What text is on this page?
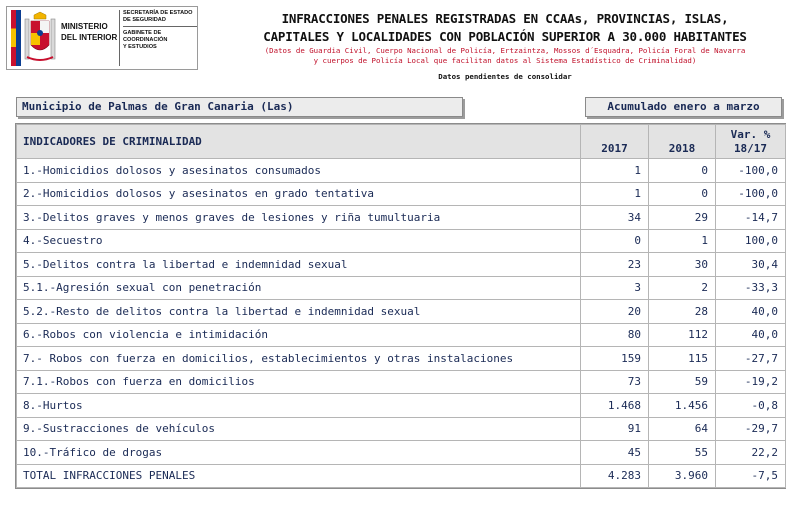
MINISTERIO
DEL INTERIOR
SECRETARÍA DE ESTADO
DE SEGURIDAD
GABINETE DE COORDINACIÓN
Y ESTUDIOS
INFRACCIONES PENALES REGISTRADAS EN CCAAs, PROVINCIAS, ISLAS,
CAPITALES Y LOCALIDADES CON POBLACIÓN SUPERIOR A 30.000 HABITANTES
(Datos de Guardia Civil, Cuerpo Nacional de Policía, Ertzaintza, Mossos d´Esquadra, Policía Foral de Navarra
y cuerpos de Policía Local que facilitan datos al Sistema Estadístico de Criminalidad)
Datos pendientes de consolidar
Municipio de Palmas de Gran Canaria (Las)	Acumulado enero a marzo
INDICADORES DE CRIMINALIDAD	2017	2018	Var. %
18/17

1.-Homicidios dolosos y asesinatos consumados	1	0	-100,0
2.-Homicidios dolosos y asesinatos en grado tentativa	1	0	-100,0
3.-Delitos graves y menos graves de lesiones y riña tumultuaria	34	29	-14,7
4.-Secuestro	0	1	100,0
5.-Delitos contra la libertad e indemnidad sexual	23	30	30,4
5.1.-Agresión sexual con penetración	3	2	-33,3
5.2.-Resto de delitos contra la libertad e indemnidad sexual	20	28	40,0
6.-Robos con violencia e intimidación	80	112	40,0
7.- Robos con fuerza en domicilios, establecimientos y otras instalaciones	159	115	-27,7
7.1.-Robos con fuerza en domicilios	73	59	-19,2
8.-Hurtos	1.468	1.456	-0,8
9.-Sustracciones de vehículos	91	64	-29,7
10.-Tráfico de drogas	45	55	22,2
TOTAL INFRACCIONES PENALES	4.283	3.960	-7,5
